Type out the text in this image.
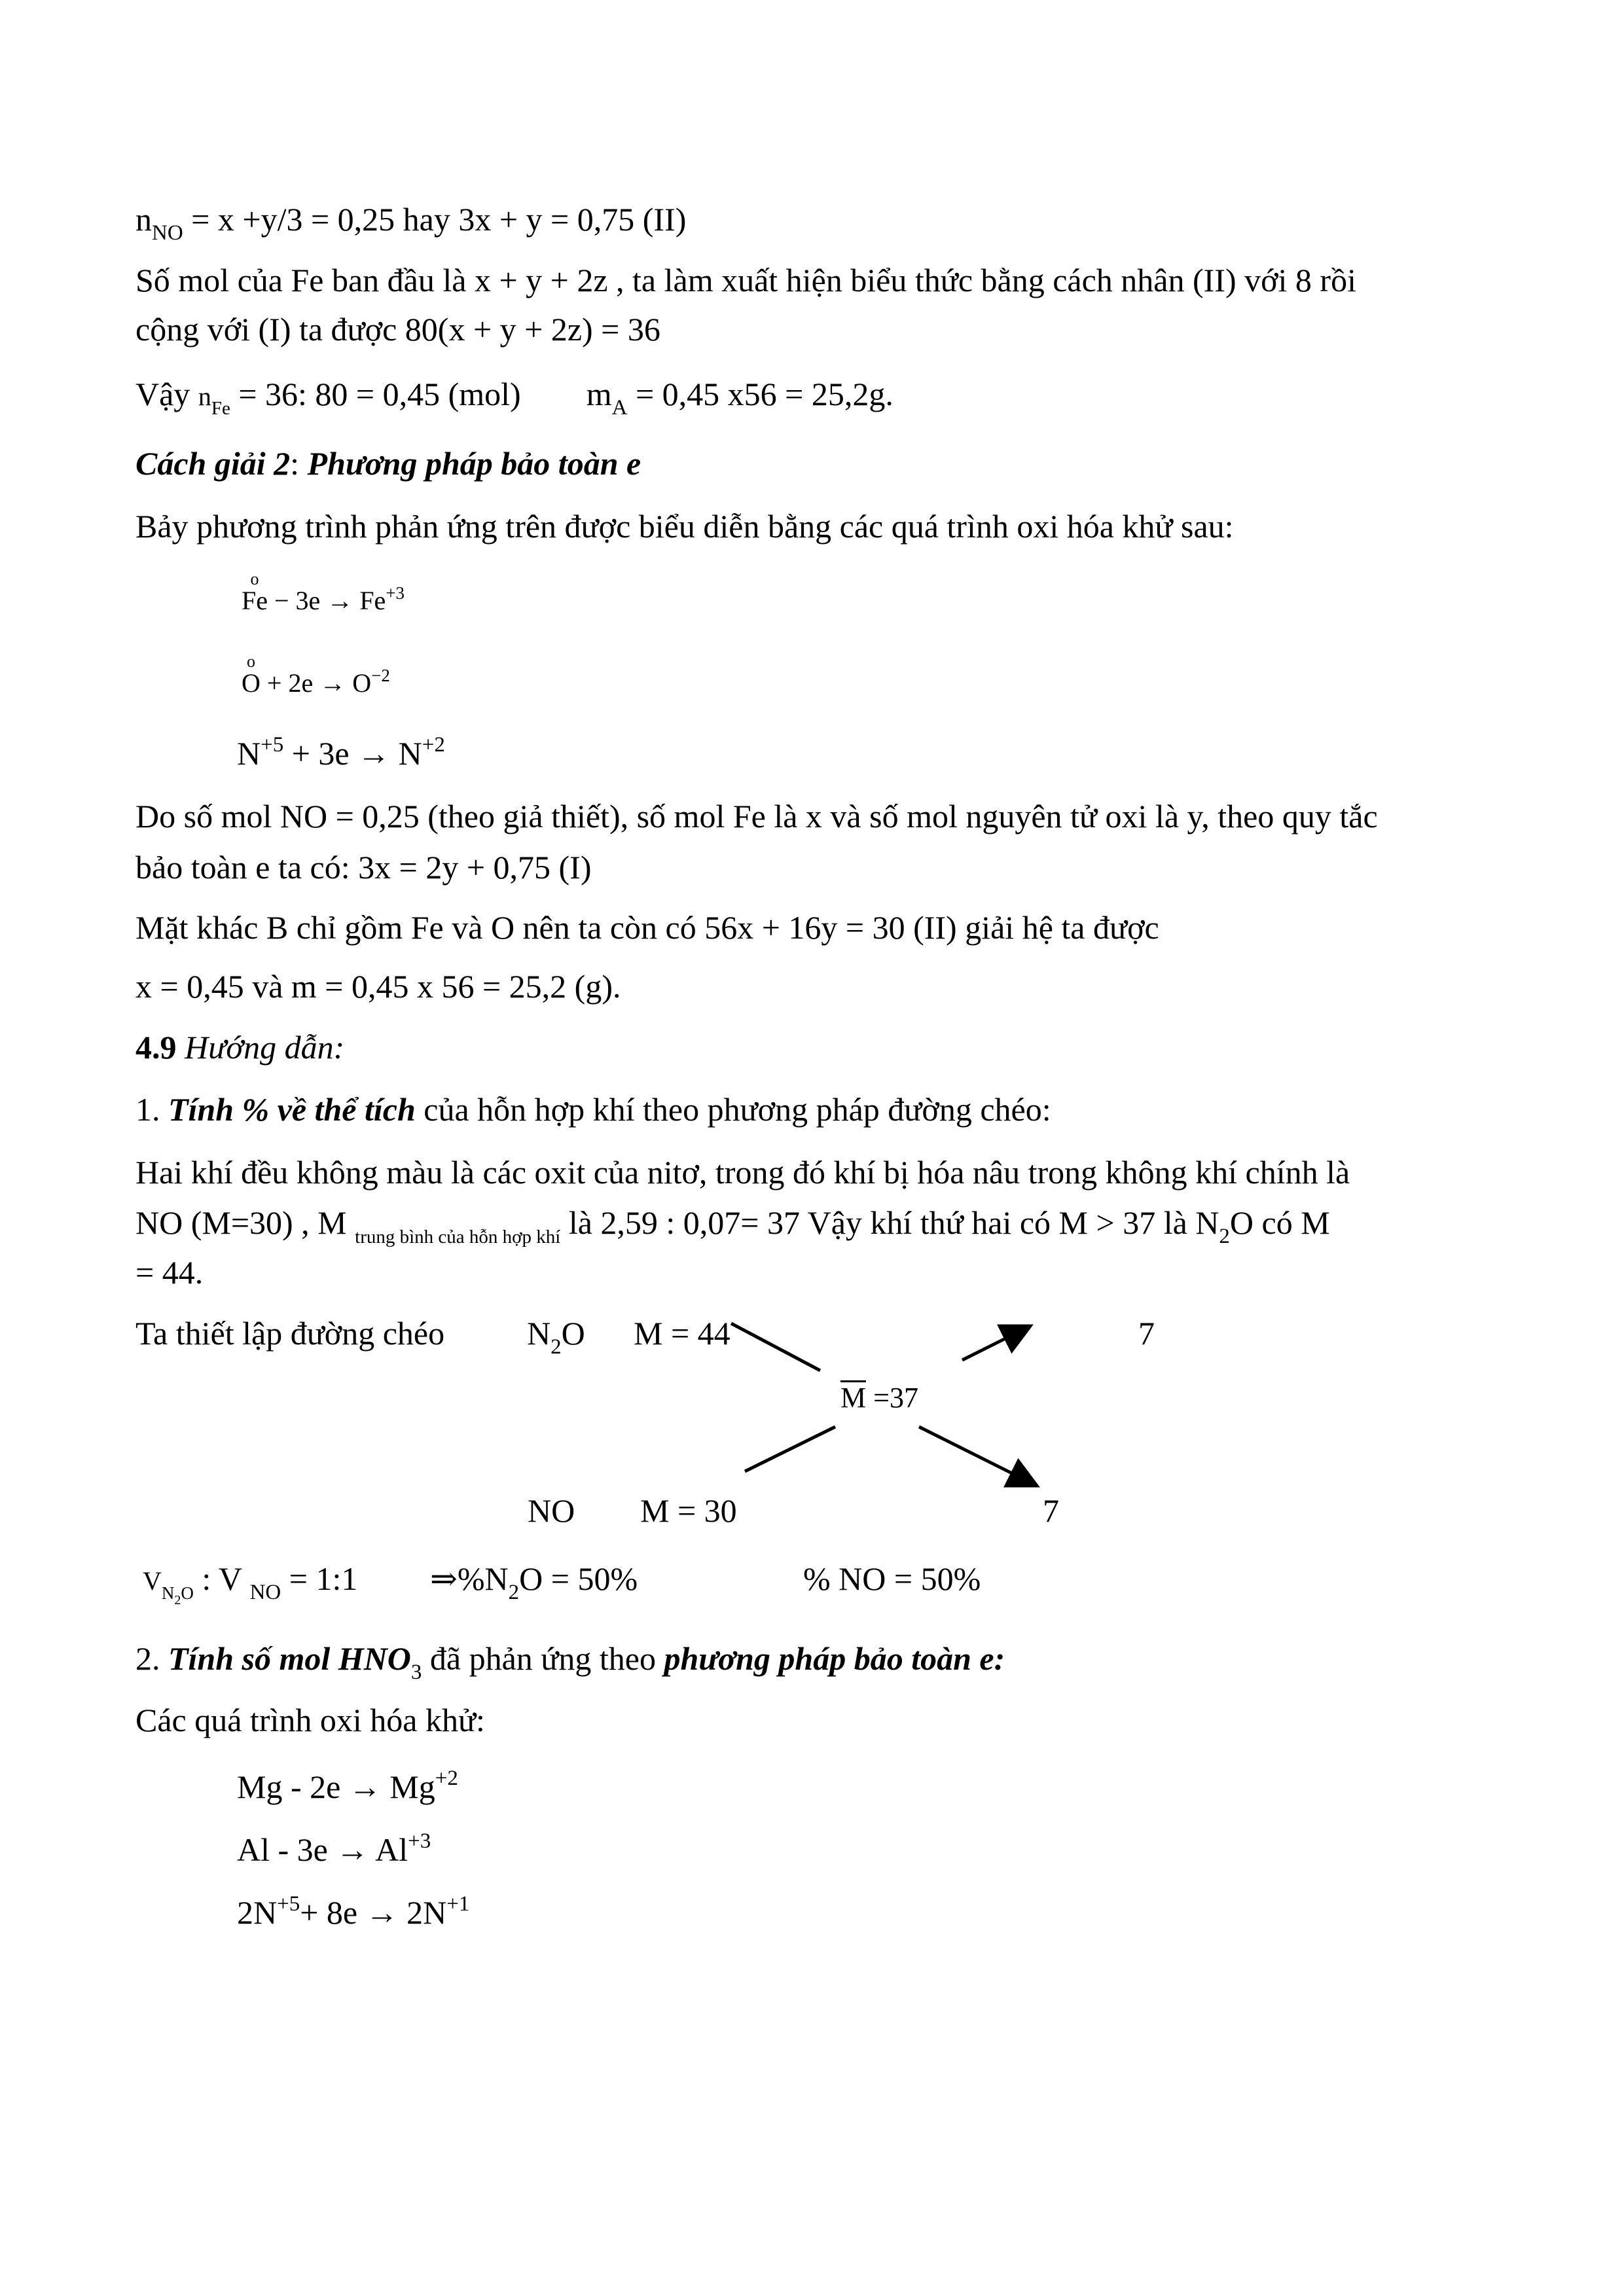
$n_{NO} = x +y/3 = 0,25$ hay 3x + y = 0,75 (II)
Số mol của Fe ban đầu là x + y + 2z , ta làm xuất hiện biểu thức bằng cách nhân (II) với 8 rồi
cộng với (I) ta được 80(x + y + 2z) = 36
Vậy $n_{Fe} = 36$: 80 = 0,45 (mol) $m_A = 0,45$ x56 = 25,2g.
Cách giải 2: Phương pháp bảo toàn e
Bảy phương trình phản ứng trên được biểu diễn bằng các quá trình oxi hóa khử sau:
o
$Fe - 3e \to Fe^{+3}$
o
$O + 2e \to O^{-2}$
$N^{+5} + 3e \to N^{+2}$
Do số mol NO = 0,25 (theo giả thiết), số mol Fe là x và số mol nguyên tử oxi là y, theo quy tắc
bảo toàn e ta có: 3x = 2y + 0,75 (I)
Mặt khác B chỉ gồm Fe và O nên ta còn có 56x + 16y = 30 (II) giải hệ ta được
x = 0,45 và m = 0,45 x 56 = 25,2 (g).
4.9 Hướng dẫn:
1. Tính % về thể tích của hỗn hợp khí theo phương pháp đường chéo:
Hai khí đều không màu là các oxit của nitơ, trong đó khí bị hóa nâu trong không khí chính là
NO (M=30) , M $_{trung bình của hỗn hợp khí}$ là 2,59 : 0,07= 37 Vậy khí thứ hai có M > 37 là $N_2O$ có M
= 44.
Ta thiết lập đường chéo	$N_2O$ M = 44	7
M =37
NO M = 30	7
$V_{N2O}$ : V $_{NO}$ = 1:1 $\Rightarrow\%N_2O = 50\%$	% NO = 50%
2. Tính số mol $HNO_3$ đã phản ứng theo phương pháp bảo toàn e:
Các quá trình oxi hóa khử:
$Mg - 2e \to Mg^{+2}$
$Al - 3e \to Al^{+3}$
$2N^{+5}+ 8e \to 2N^{+1}$
